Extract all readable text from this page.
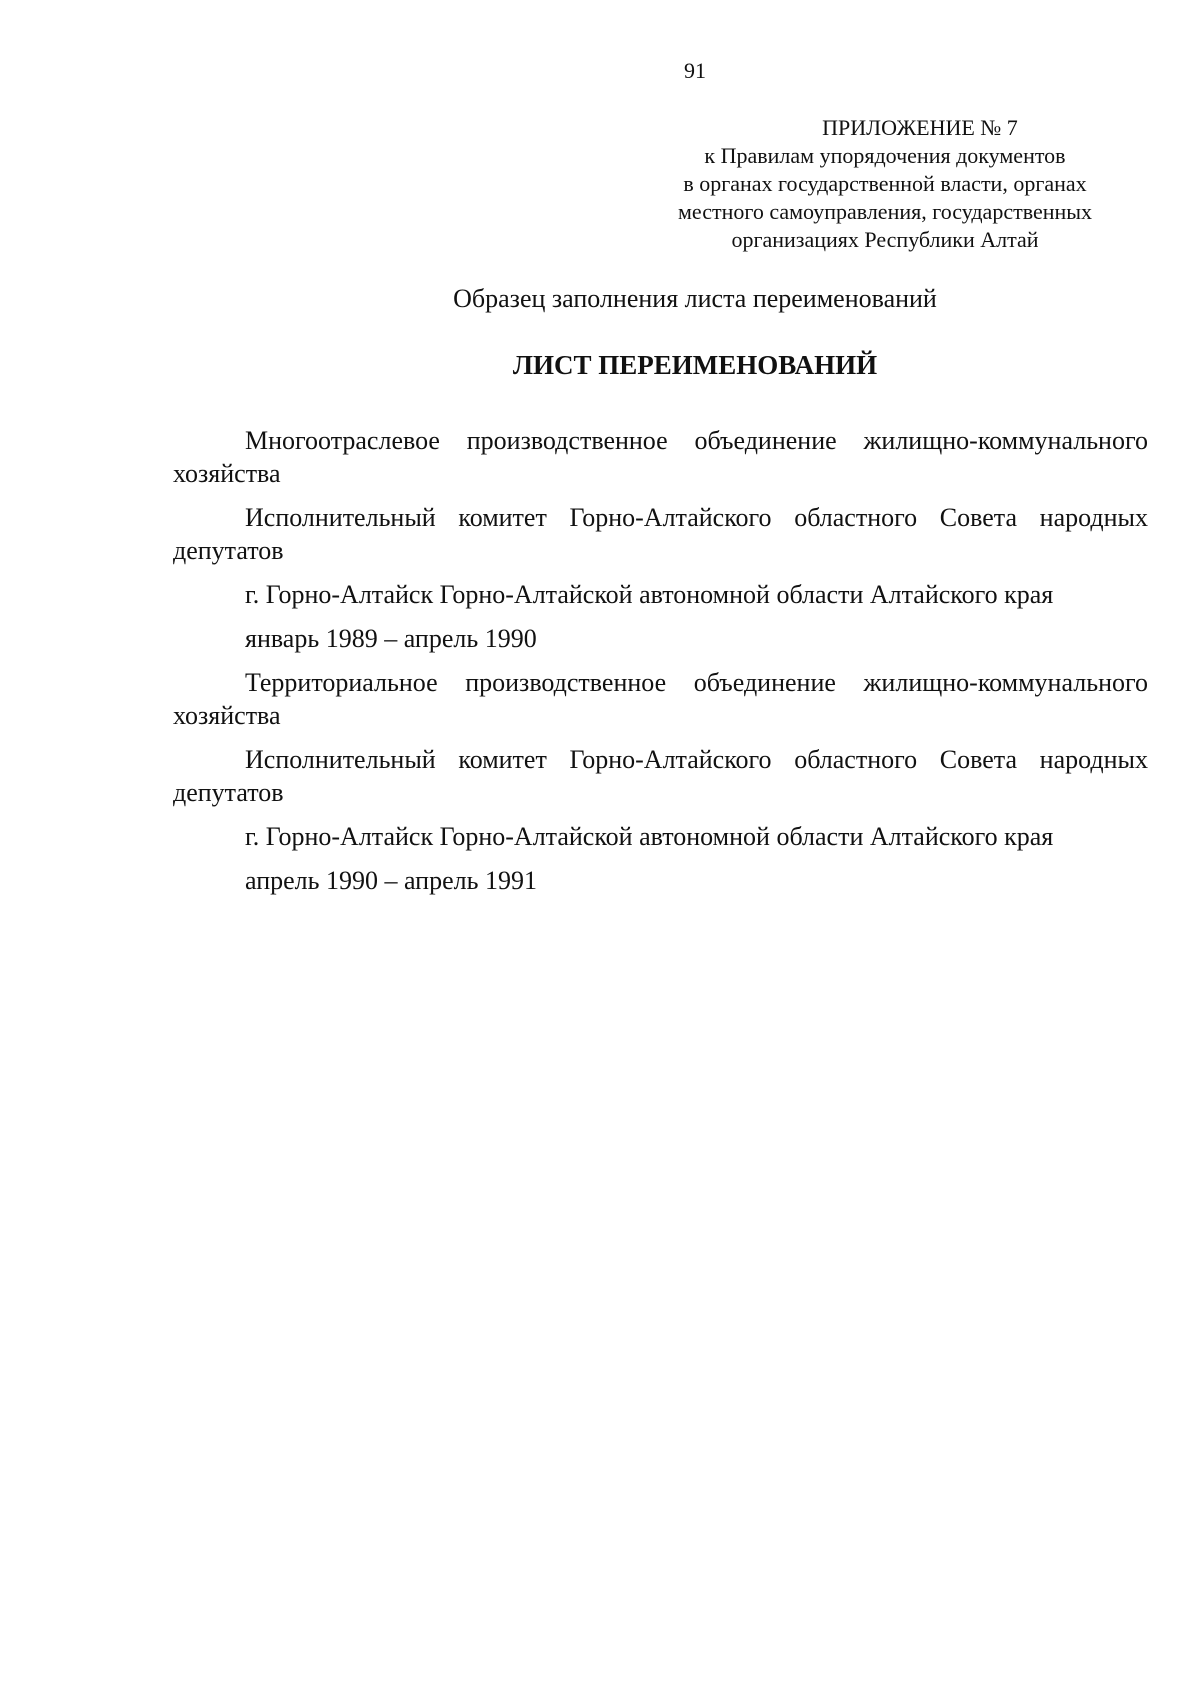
91
ПРИЛОЖЕНИЕ № 7
к Правилам упорядочения документов
в органах государственной власти, органах
местного самоуправления, государственных
организациях Республики Алтай
Образец заполнения листа переименований
ЛИСТ ПЕРЕИМЕНОВАНИЙ

Многоотраслевое производственное объединение жилищно-коммунального хозяйства

Исполнительный комитет Горно-Алтайского областного Совета народных депутатов

г. Горно-Алтайск Горно-Алтайской автономной области Алтайского края

январь 1989 – апрель 1990

Территориальное производственное объединение жилищно-коммунального хозяйства

Исполнительный комитет Горно-Алтайского областного Совета народных депутатов

г. Горно-Алтайск Горно-Алтайской автономной области Алтайского края

апрель 1990 – апрель 1991
